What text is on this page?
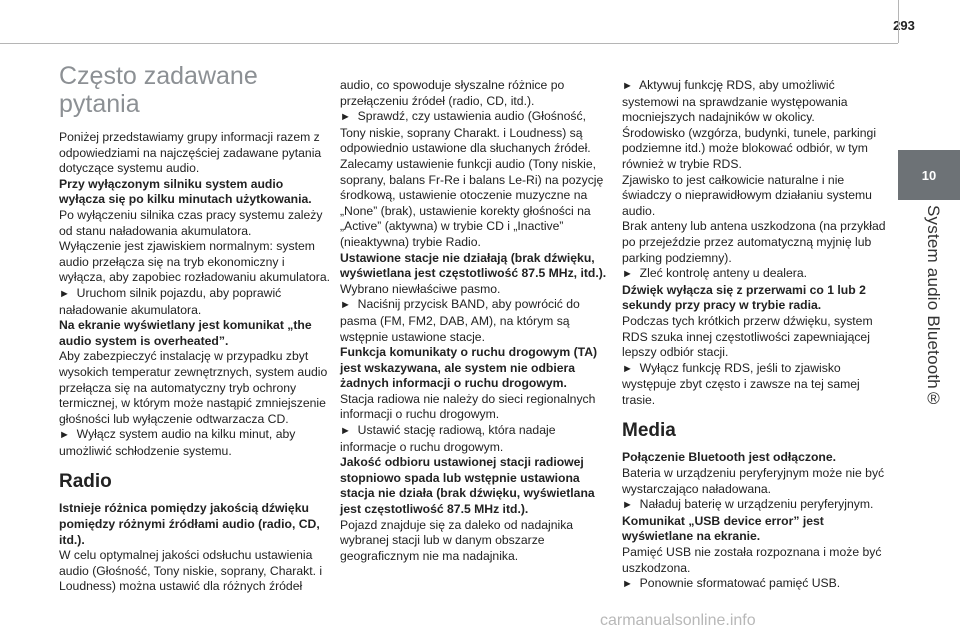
293
10
System audio Bluetooth®
Często zadawane pytania

Poniżej przedstawiamy grupy informacji razem z odpowiedziami na najczęściej zadawane pytania dotyczące systemu audio.

Przy wyłączonym silniku system audio wyłącza się po kilku minutach użytkowania.

Po wyłączeniu silnika czas pracy systemu zależy od stanu naładowania akumulatora.

Wyłączenie jest zjawiskiem normalnym: system audio przełącza się na tryb ekonomiczny i wyłącza, aby zapobiec rozładowaniu akumulatora.

► Uruchom silnik pojazdu, aby poprawić naładowanie akumulatora.

Na ekranie wyświetlany jest komunikat „the audio system is overheated”.

Aby zabezpieczyć instalację w przypadku zbyt wysokich temperatur zewnętrznych, system audio przełącza się na automatyczny tryb ochrony termicznej, w którym może nastąpić zmniejszenie głośności lub wyłączenie odtwarzacza CD.

► Wyłącz system audio na kilku minut, aby umożliwić schłodzenie systemu.

Radio

Istnieje różnica pomiędzy jakością dźwięku pomiędzy różnymi źródłami audio (radio, CD, itd.).

W celu optymalnej jakości odsłuchu ustawienia audio (Głośność, Tony niskie, soprany, Charakt. i Loudness) można ustawić dla różnych źródeł

audio, co spowoduje słyszalne różnice po przełączeniu źródeł (radio, CD, itd.).

► Sprawdź, czy ustawienia audio (Głośność, Tony niskie, soprany Charakt. i Loudness) są odpowiednio ustawione dla słuchanych źródeł. Zalecamy ustawienie funkcji audio (Tony niskie, soprany, balans Fr-Re i balans Le-Ri) na pozycję środkową, ustawienie otoczenie muzyczne na „None” (brak), ustawienie korekty głośności na „Active” (aktywna) w trybie CD i „Inactive” (nieaktywna) trybie Radio.

Ustawione stacje nie działają (brak dźwięku, wyświetlana jest częstotliwość 87.5 MHz, itd.).

Wybrano niewłaściwe pasmo.

► Naciśnij przycisk BAND, aby powrócić do pasma (FM, FM2, DAB, AM), na którym są wstępnie ustawione stacje.

Funkcja komunikaty o ruchu drogowym (TA) jest wskazywana, ale system nie odbiera żadnych informacji o ruchu drogowym.

Stacja radiowa nie należy do sieci regionalnych informacji o ruchu drogowym.

► Ustawić stację radiową, która nadaje informacje o ruchu drogowym.

Jakość odbioru ustawionej stacji radiowej stopniowo spada lub wstępnie ustawiona stacja nie działa (brak dźwięku, wyświetlana jest częstotliwość 87.5 MHz itd.).

Pojazd znajduje się za daleko od nadajnika wybranej stacji lub w danym obszarze geograficznym nie ma nadajnika.

► Aktywuj funkcję RDS, aby umożliwić systemowi na sprawdzanie występowania mocniejszych nadajników w okolicy.

Środowisko (wzgórza, budynki, tunele, parkingi podziemne itd.) może blokować odbiór, w tym również w trybie RDS.

Zjawisko to jest całkowicie naturalne i nie świadczy o nieprawidłowym działaniu systemu audio.

Brak anteny lub antena uszkodzona (na przykład po przejeździe przez automatyczną myjnię lub parking podziemny).

► Zleć kontrolę anteny u dealera.

Dźwięk wyłącza się z przerwami co 1 lub 2 sekundy przy pracy w trybie radia.

Podczas tych krótkich przerw dźwięku, system RDS szuka innej częstotliwości zapewniającej lepszy odbiór stacji.

► Wyłącz funkcję RDS, jeśli to zjawisko występuje zbyt często i zawsze na tej samej trasie.

Media

Połączenie Bluetooth jest odłączone.

Bateria w urządzeniu peryferyjnym może nie być wystarczająco naładowana.

► Naładuj baterię w urządzeniu peryferyjnym.

Komunikat „USB device error” jest wyświetlane na ekranie.

Pamięć USB nie została rozpoznana i może być uszkodzona.

► Ponownie sformatować pamięć USB.

carmanualsonline.info
